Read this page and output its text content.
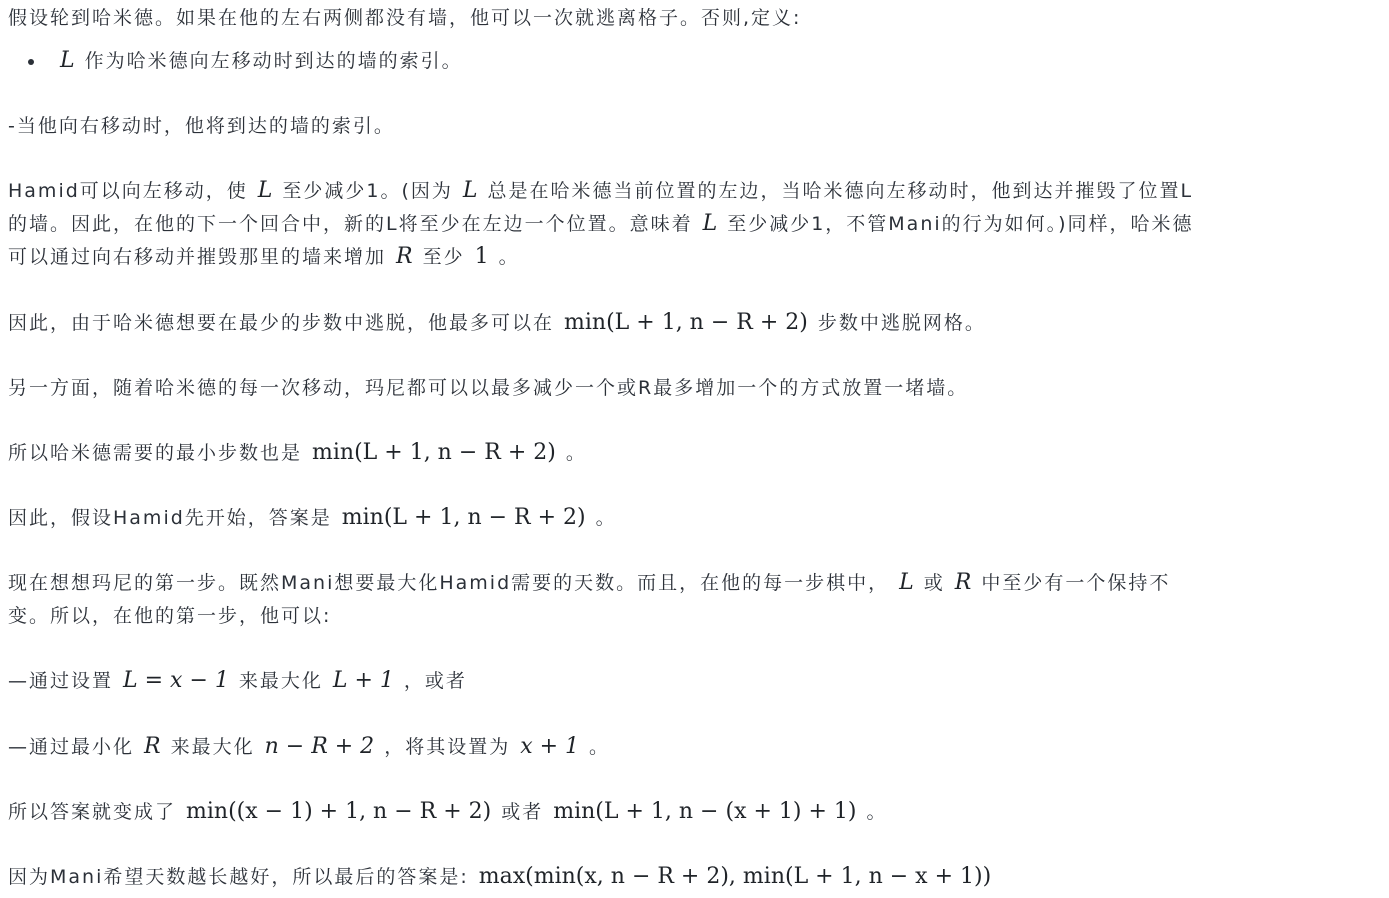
假设轮到哈米德。如果在他的左右两侧都没有墙，他可以一次就逃离格子。否则,定义:
L 作为哈米德向左移动时到达的墙的索引。
-当他向右移动时，他将到达的墙的索引。
Hamid可以向左移动，使 L 至少减少1。(因为 L 总是在哈米德当前位置的左边，当哈米德向左移动时，他到达并摧毁了位置L
的墙。因此，在他的下一个回合中，新的L将至少在左边一个位置。意味着 L 至少减少1，不管Mani的行为如何。)同样，哈米德
可以通过向右移动并摧毁那里的墙来增加 R 至少 1 。
因此，由于哈米德想要在最少的步数中逃脱，他最多可以在 min(L + 1, n − R + 2) 步数中逃脱网格。
另一方面，随着哈米德的每一次移动，玛尼都可以以最多减少一个或R最多增加一个的方式放置一堵墙。
所以哈米德需要的最小步数也是 min(L + 1, n − R + 2) 。
因此，假设Hamid先开始，答案是 min(L + 1, n − R + 2) 。
现在想想玛尼的第一步。既然Mani想要最大化Hamid需要的天数。而且，在他的每一步棋中， L 或 R 中至少有一个保持不
变。所以，在他的第一步，他可以:
—通过设置 L = x − 1 来最大化 L + 1 ，或者
—通过最小化 R 来最大化 n − R + 2 ，将其设置为 x + 1 。
所以答案就变成了 min((x − 1) + 1, n − R + 2) 或者 min(L + 1, n − (x + 1) + 1) 。
因为Mani希望天数越长越好，所以最后的答案是: max(min(x, n − R + 2), min(L + 1, n − x + 1))
